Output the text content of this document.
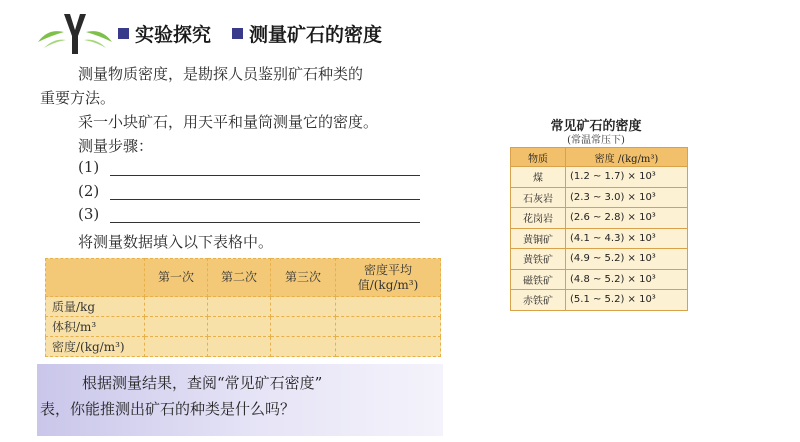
实验探究	测量矿石的密度
测量物质密度，是勘探人员鉴别矿石种类的
重要方法。
采一小块矿石，用天平和量筒测量它的密度。
测量步骤：
(1)
(2)
(3)
将测量数据填入以下表格中。
	第一次	第二次	第三次	密度平均值/(kg/m³)
质量/kg				
体积/m³				
密度/(kg/m³)				
根据测量结果，查阅“常见矿石密度”
表，你能推测出矿石的种类是什么吗？
常见矿石的密度
(常温常压下)
物质	密度 /(kg/m³)
煤	(1.2 ~ 1.7) × 10³
石灰岩	(2.3 ~ 3.0) × 10³
花岗岩	(2.6 ~ 2.8) × 10³
黄铜矿	(4.1 ~ 4.3) × 10³
黄铁矿	(4.9 ~ 5.2) × 10³
磁铁矿	(4.8 ~ 5.2) × 10³
赤铁矿	(5.1 ~ 5.2) × 10³
